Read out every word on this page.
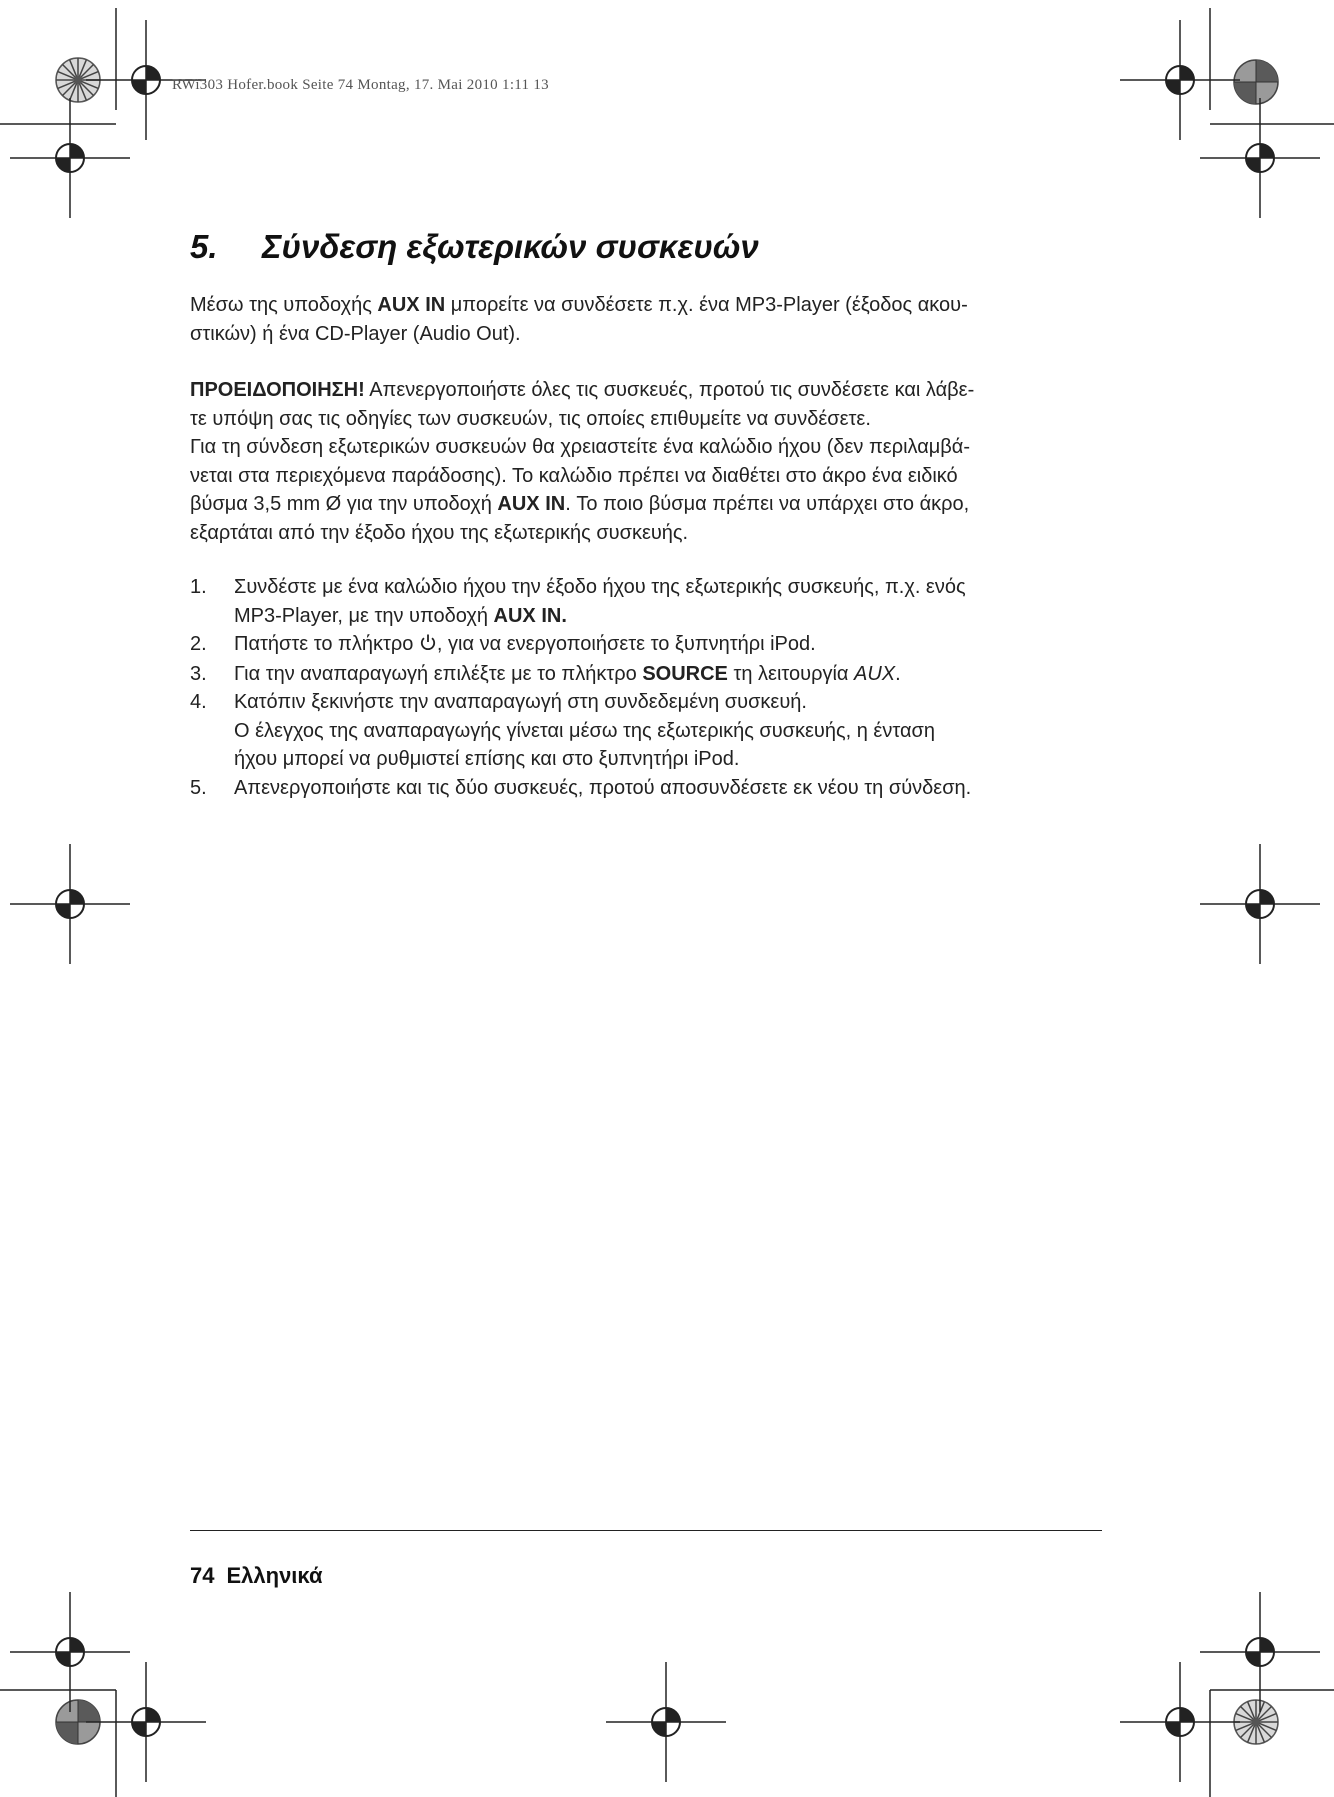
RWi303 Hofer.book Seite 74 Montag, 17. Mai 2010 1:11 13
5. Σύνδεση εξωτερικών συσκευών

Μέσω της υποδοχής AUX IN μπορείτε να συνδέσετε π.χ. ένα MP3-Player (έξοδος ακου-
στικών) ή ένα CD-Player (Audio Out).

ΠΡΟΕΙΔΟΠΟΙΗΣΗ! Απενεργοποιήστε όλες τις συσκευές, προτού τις συνδέσετε και λάβε-
τε υπόψη σας τις οδηγίες των συσκευών, τις οποίες επιθυμείτε να συνδέσετε.
Για τη σύνδεση εξωτερικών συσκευών θα χρειαστείτε ένα καλώδιο ήχου (δεν περιλαμβά-
νεται στα περιεχόμενα παράδοσης). Το καλώδιο πρέπει να διαθέτει στο άκρο ένα ειδικό
βύσμα 3,5 mm Ø για την υποδοχή AUX IN. Το ποιο βύσμα πρέπει να υπάρχει στο άκρο,
εξαρτάται από την έξοδο ήχου της εξωτερικής συσκευής.

1. Συνδέστε με ένα καλώδιο ήχου την έξοδο ήχου της εξωτερικής συσκευής, π.χ. ενός
MP3-Player, με την υποδοχή AUX IN.
2. Πατήστε το πλήκτρο , για να ενεργοποιήσετε το ξυπνητήρι iPod.
3. Για την αναπαραγωγή επιλέξτε με το πλήκτρο SOURCE τη λειτουργία AUX.
4. Κατόπιν ξεκινήστε την αναπαραγωγή στη συνδεδεμένη συσκευή.
Ο έλεγχος της αναπαραγωγής γίνεται μέσω της εξωτερικής συσκευής, η ένταση
ήχου μπορεί να ρυθμιστεί επίσης και στο ξυπνητήρι iPod.
5. Απενεργοποιήστε και τις δύο συσκευές, προτού αποσυνδέσετε εκ νέου τη σύνδεση.
74 Ελληνικά
